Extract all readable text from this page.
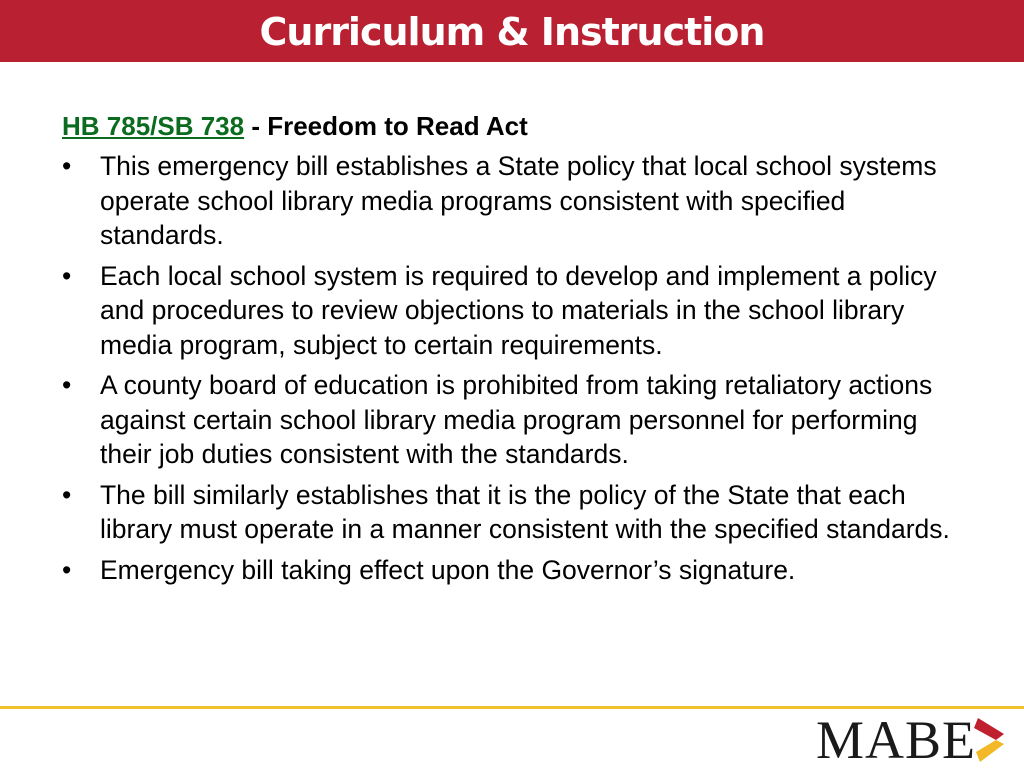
Curriculum & Instruction
HB 785/SB 738 - Freedom to Read Act
• This emergency bill establishes a State policy that local school systems operate school library media programs consistent with specified standards.
• Each local school system is required to develop and implement a policy and procedures to review objections to materials in the school library media program, subject to certain requirements.
• A county board of education is prohibited from taking retaliatory actions against certain school library media program personnel for performing their job duties consistent with the standards.
• The bill similarly establishes that it is the policy of the State that each library must operate in a manner consistent with the specified standards.
• Emergency bill taking effect upon the Governor’s signature.
MABE
